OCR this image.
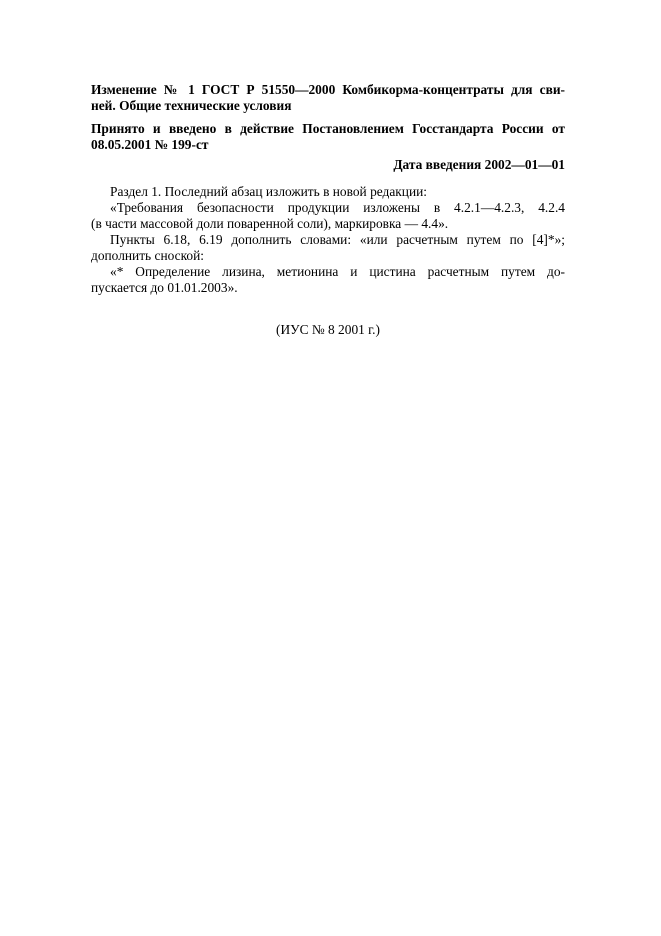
Изменение № 1 ГОСТ Р 51550—2000 Комбикорма-концентраты для сви-
ней. Общие технические условия
Принято и введено в действие Постановлением Госстандарта России от
08.05.2001 № 199-ст

Дата введения 2002—01—01

Раздел 1. Последний абзац изложить в новой редакции:
«Требования безопасности продукции изложены в 4.2.1—4.2.3, 4.2.4
(в части массовой доли поваренной соли), маркировка — 4.4».
Пункты 6.18, 6.19 дополнить словами: «или расчетным путем по [4]*»;
дополнить сноской:
«* Определение лизина, метионина и цистина расчетным путем до-
пускается до 01.01.2003».

(ИУС № 8 2001 г.)
